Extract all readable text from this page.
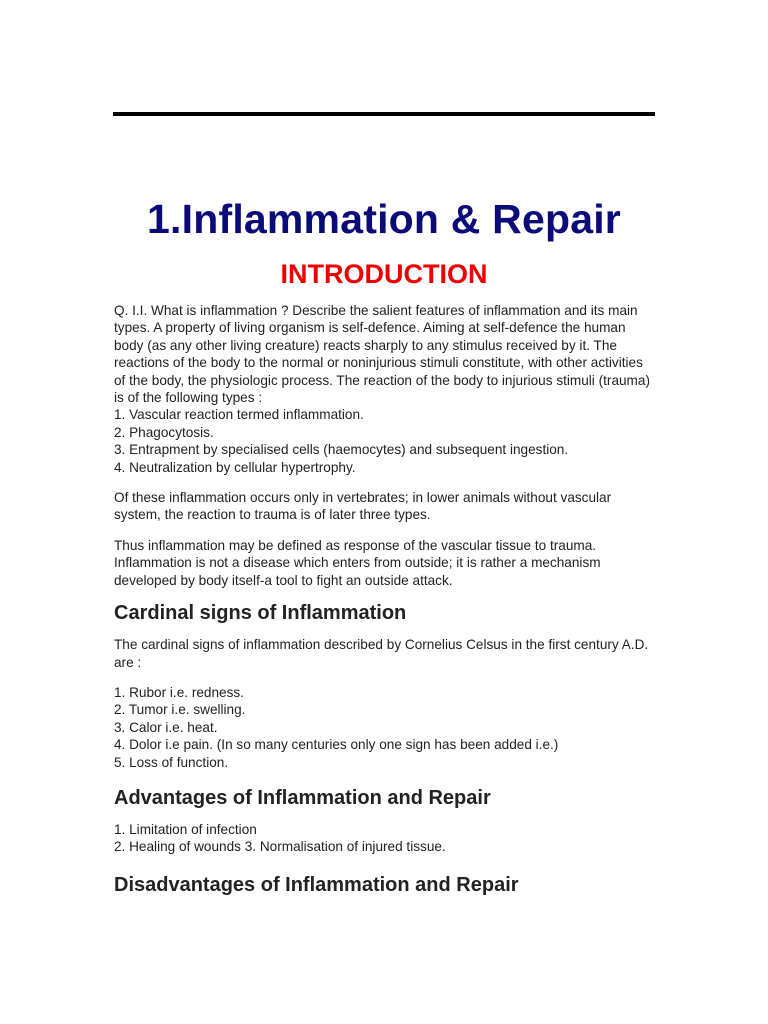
1.Inflammation & Repair
INTRODUCTION

Q. I.I. What is inflammation ? Describe the salient features of inflammation and its main types. A property of living organism is self-defence. Aiming at self-defence the human body (as any other living creature) reacts sharply to any stimulus received by it. The reactions of the body to the normal or noninjurious stimuli constitute, with other activities of the body, the physiologic process. The reaction of the body to injurious stimuli (trauma) is of the following types :

1. Vascular reaction termed inflammation.
2. Phagocytosis.
3. Entrapment by specialised cells (haemocytes) and subsequent ingestion.
4. Neutralization by cellular hypertrophy.

Of these inflammation occurs only in vertebrates; in lower animals without vascular system, the reaction to trauma is of later three types.

Thus inflammation may be defined as response of the vascular tissue to trauma. Inflammation is not a disease which enters from outside; it is rather a mechanism developed by body itself-a tool to fight an outside attack.

Cardinal signs of Inflammation

The cardinal signs of inflammation described by Cornelius Celsus in the first century A.D. are :

1. Rubor i.e. redness.
2. Tumor i.e. swelling.
3. Calor i.e. heat.
4. Dolor i.e pain. (In so many centuries only one sign has been added i.e.)
5. Loss of function.
Advantages of Inflammation and Repair
1. Limitation of infection
2. Healing of wounds 3. Normalisation of injured tissue.
Disadvantages of Inflammation and Repair
